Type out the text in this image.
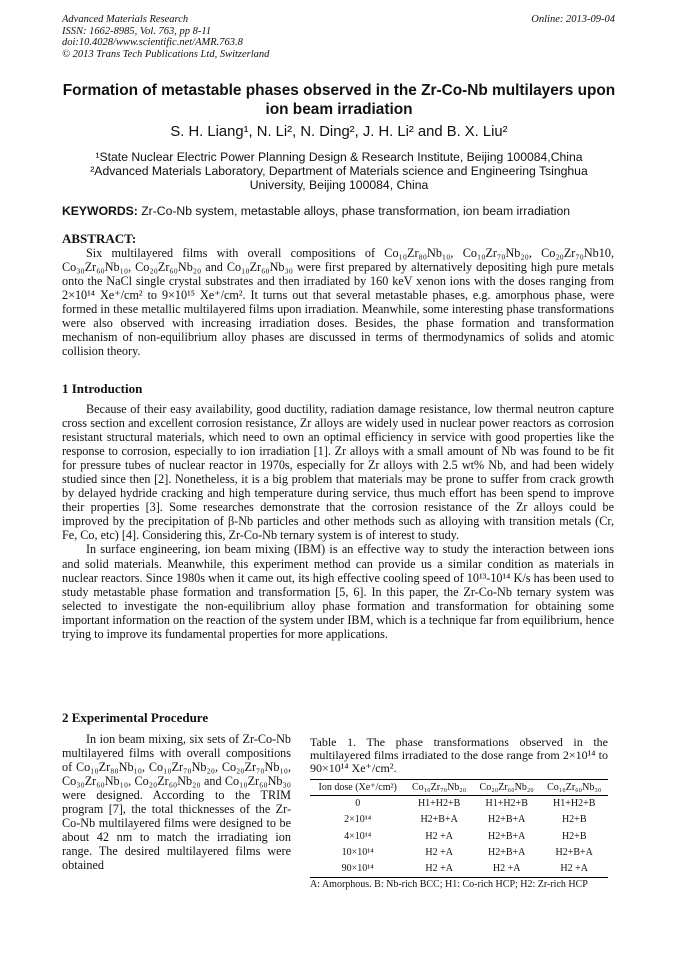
Advanced Materials Research
ISSN: 1662-8985, Vol. 763, pp 8-11
doi:10.4028/www.scientific.net/AMR.763.8
© 2013 Trans Tech Publications Ltd, Switzerland
Online: 2013-09-04
Formation of metastable phases observed in the Zr-Co-Nb multilayers upon ion beam irradiation
S. H. Liang¹, N. Li², N. Ding², J. H. Li² and B. X. Liu²
¹State Nuclear Electric Power Planning Design & Research Institute, Beijing 100084,China
²Advanced Materials Laboratory, Department of Materials science and Engineering Tsinghua University, Beijing 100084, China
KEYWORDS: Zr-Co-Nb system, metastable alloys, phase transformation, ion beam irradiation
ABSTRACT:

Six multilayered films with overall compositions of Co₁₀Zr₈₀Nb₁₀, Co₁₀Zr₇₀Nb₂₀, Co₂₀Zr₇₀Nb10, Co₃₀Zr₆₀Nb₁₀, Co₂₀Zr₆₀Nb₂₀ and Co₁₀Zr₆₀Nb₃₀ were first prepared by alternatively depositing high pure metals onto the NaCl single crystal substrates and then irradiated by 160 keV xenon ions with the doses ranging from 2×10¹⁴ Xe⁺/cm² to 9×10¹⁵ Xe⁺/cm². It turns out that several metastable phases, e.g. amorphous phase, were formed in these metallic multilayered films upon irradiation. Meanwhile, some interesting phase transformations were also observed with increasing irradiation doses. Besides, the phase formation and transformation mechanism of non-equilibrium alloy phases are discussed in terms of thermodynamics of solids and atomic collision theory.

1 Introduction

Because of their easy availability, good ductility, radiation damage resistance, low thermal neutron capture cross section and excellent corrosion resistance, Zr alloys are widely used in nuclear power reactors as corrosion resistant structural materials, which need to own an optimal efficiency in service with good properties like the response to corrosion, especially to ion irradiation [1]. Zr alloys with a small amount of Nb was found to be fit for pressure tubes of nuclear reactor in 1970s, especially for Zr alloys with 2.5 wt% Nb, and had been widely studied since then [2]. Nonetheless, it is a big problem that materials may be prone to suffer from crack growth by delayed hydride cracking and high temperature during service, thus much effort has been spend to improve their properties [3]. Some researches demonstrate that the corrosion resistance of the Zr alloys could be improved by the precipitation of β-Nb particles and other methods such as alloying with transition metals (Cr, Fe, Co, etc) [4]. Considering this, Zr-Co-Nb ternary system is of interest to study.

In surface engineering, ion beam mixing (IBM) is an effective way to study the interaction between ions and solid materials. Meanwhile, this experiment method can provide us a similar condition as materials in nuclear reactors. Since 1980s when it came out, its high effective cooling speed of 10¹³-10¹⁴ K/s has been used to study metastable phase formation and transformation [5, 6]. In this paper, the Zr-Co-Nb ternary system was selected to investigate the non-equilibrium alloy phase formation and transformation for obtaining some important information on the reaction of the system under IBM, which is a technique far from equilibrium, hence trying to improve its fundamental properties for more applications.

2 Experimental Procedure

In ion beam mixing, six sets of Zr-Co-Nb multilayered films with overall compositions of Co₁₀Zr₈₀Nb₁₀, Co₁₀Zr₇₀Nb₂₀, Co₂₀Zr₇₀Nb₁₀, Co₃₀Zr₆₀Nb₁₀, Co₂₀Zr₆₀Nb₂₀ and Co₁₀Zr₆₀Nb₃₀ were designed. According to the TRIM program [7], the total thicknesses of the Zr-Co-Nb multilayered films were designed to be about 42 nm to match the irradiating ion range. The desired multilayered films were obtained

Table 1. The phase transformations observed in the multilayered films irradiated to the dose range from 2×10¹⁴ to 90×10¹⁴ Xe⁺/cm².
Ion dose (Xe⁺/cm²)	Co₁₀Zr₇₀Nb₂₀	Co₂₀Zr₆₀Nb₂₀	Co₁₀Zr₆₀Nb₃₀
0	H1+H2+B	H1+H2+B	H1+H2+B
2×10¹⁴	H2+B+A	H2+B+A	H2+B
4×10¹⁴	H2 +A	H2+B+A	H2+B
10×10¹⁴	H2 +A	H2+B+A	H2+B+A
90×10¹⁴	H2 +A	H2 +A	H2 +A
A: Amorphous. B: Nb-rich BCC; H1: Co-rich HCP; H2: Zr-rich HCP
